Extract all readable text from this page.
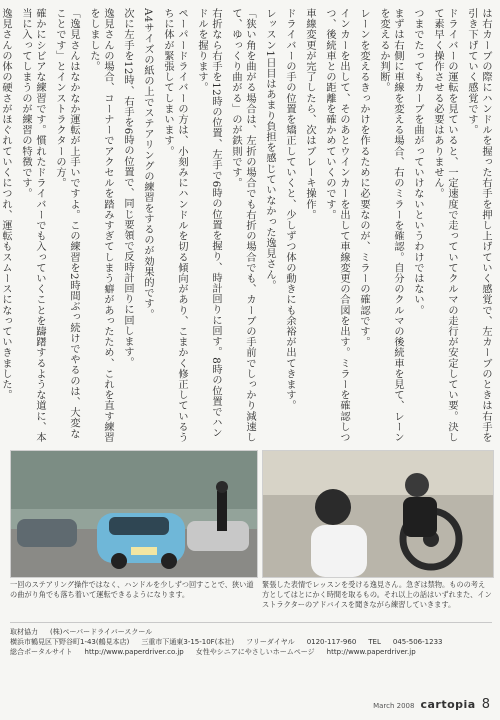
は右カーブの際にハンドルを握った右手を押し上げていく感覚で、左カーブのときは右手を引き下げていく感覚です。
ドライバーの運転を見ていると、一定速度で走っていてクルマの走行が安定してい要。決して素早く操作させる必要はありません。
つまでたってもカーブを曲がっていけないというわけではない。
まずは右側に車線を変える場合、右のミラーを確認。自分のクルマの後続車を見て、レーンを変えるか判断。
レーンを変えるきっかけを作るために必要なのが、ミラーの確認です。
インカーを出して、そのあとウインカーを出して車線変更の合図を出す。ミラーを確認しつつ、後続車との距離を確かめていくのです。
車線変更が完了したら、次はブレーキ操作。
ドライバーの手の位置を矯正していくと、少しずつ体の動きにも余裕が出てきます。
レッスン1日目はあまり負担を感じていなかった逸見さん。
「狭い角を曲がる場合は、左折の場合でも右折の場合でも、カーブの手前でしっかり減速して、ゆっくり曲がる」のが鉄則です。
右折なら右手を12時の位置、左手で6時の位置を握り、時計回りに回す。8時の位置でハンドルを握ります。
ペーパードライバーの方は、小刻みにハンドルを切る傾向があり、こまかく修正しているうちに体が緊張してしまいます。
A4サイズの紙の上でステアリングの練習をするのが効果的です。
次に左手を12時、右手を6時の位置で、同じ要領で反時計回りに回します。
逸見さんの場合、コーナーでアクセルを踏みすぎてしまう癖があったため、これを直す練習をしました。
「逸見さんはなかなか運転が上手いですよ。この練習を2時間ぶっ続けでやるのは、大変なことです」とインストラクターの方。
確かにシビアな練習です。慣れたドライバーでも入っていくことを躊躇するような道に、本当に入ってしまうのが練習の特徴です。
逸見さんの体の硬さがほぐれていくにつれ、運転もスムースになっていきました。
一回のステアリング操作ではなく、ハンドルを少しずつ回すことで、狭い道の曲がり角でも落ち着いて運転できるようになります。
緊張した表情でレッスンを受ける逸見さん。急ぎは禁物。ものの考え方としてはとにかく時間を取るもの。それ以上の話はいずれまた、インストラクターのアドバイスを聞きながら練習していきます。
取材協力 (株)ペーパードライバースクール
横浜市鶴見区下野谷町1-43(鶴見本店) 三重市下通東3-15-10F(本社) フリーダイヤル 0120-117-960 TEL 045-506-1233
総合ポータルサイト http://www.paperdriver.co.jp 女性やシニアにやさしいホームページ http://www.paperdriver.jp
March 2008 cartopia 8
